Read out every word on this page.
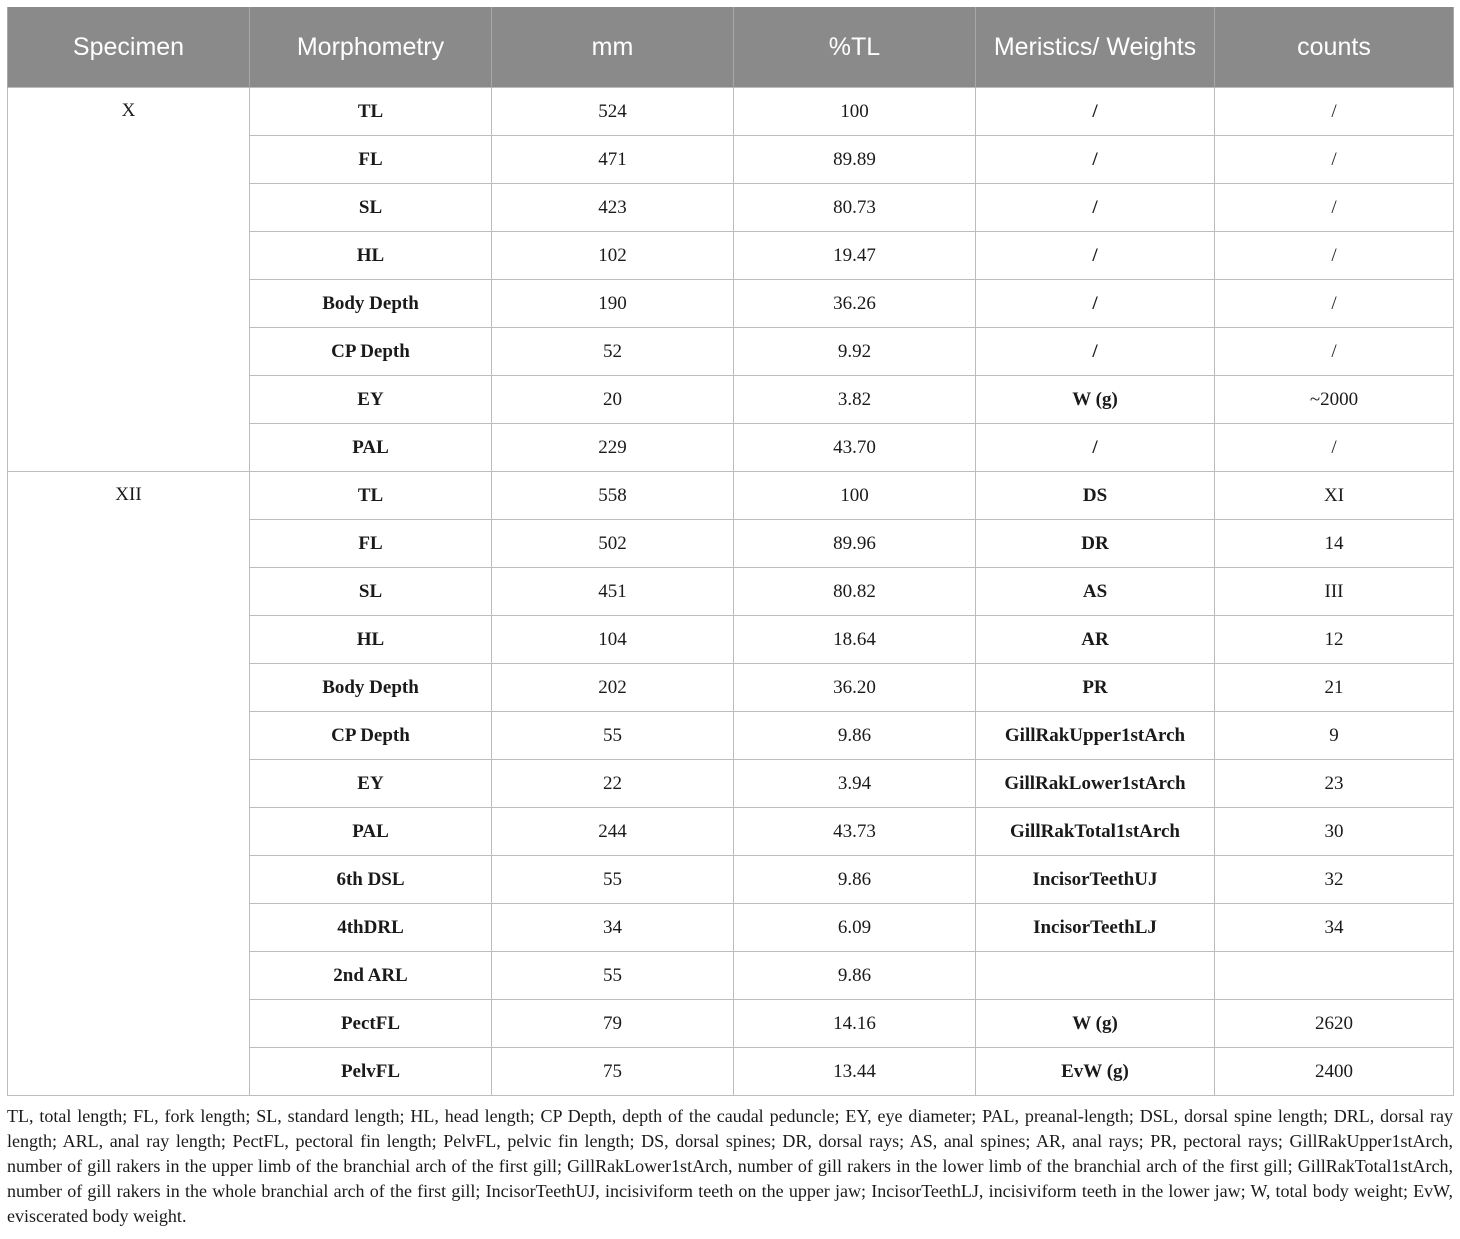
Specimen	Morphometry	mm	%TL	Meristics/ Weights	counts
X	TL	524	100	/	/
	FL	471	89.89	/	/
	SL	423	80.73	/	/
	HL	102	19.47	/	/
	Body Depth	190	36.26	/	/
	CP Depth	52	9.92	/	/
	EY	20	3.82	W (g)	~2000
	PAL	229	43.70	/	/
XII	TL	558	100	DS	XI
	FL	502	89.96	DR	14
	SL	451	80.82	AS	III
	HL	104	18.64	AR	12
	Body Depth	202	36.20	PR	21
	CP Depth	55	9.86	GillRakUpper1stArch	9
	EY	22	3.94	GillRakLower1stArch	23
	PAL	244	43.73	GillRakTotal1stArch	30
	6th DSL	55	9.86	IncisorTeethUJ	32
	4thDRL	34	6.09	IncisorTeethLJ	34
	2nd ARL	55	9.86		
	PectFL	79	14.16	W (g)	2620
	PelvFL	75	13.44	EvW (g)	2400

TL, total length; FL, fork length; SL, standard length; HL, head length; CP Depth, depth of the caudal peduncle; EY, eye diameter; PAL, preanal-length; DSL, dorsal spine length; DRL, dorsal ray length; ARL, anal ray length; PectFL, pectoral fin length; PelvFL, pelvic fin length; DS, dorsal spines; DR, dorsal rays; AS, anal spines; AR, anal rays; PR, pectoral rays; GillRakUpper1stArch, number of gill rakers in the upper limb of the branchial arch of the first gill; GillRakLower1stArch, number of gill rakers in the lower limb of the branchial arch of the first gill; GillRakTotal1stArch, number of gill rakers in the whole branchial arch of the first gill; IncisorTeethUJ, incisiviform teeth on the upper jaw; IncisorTeethLJ, incisiviform teeth in the lower jaw; W, total body weight; EvW, eviscerated body weight.
